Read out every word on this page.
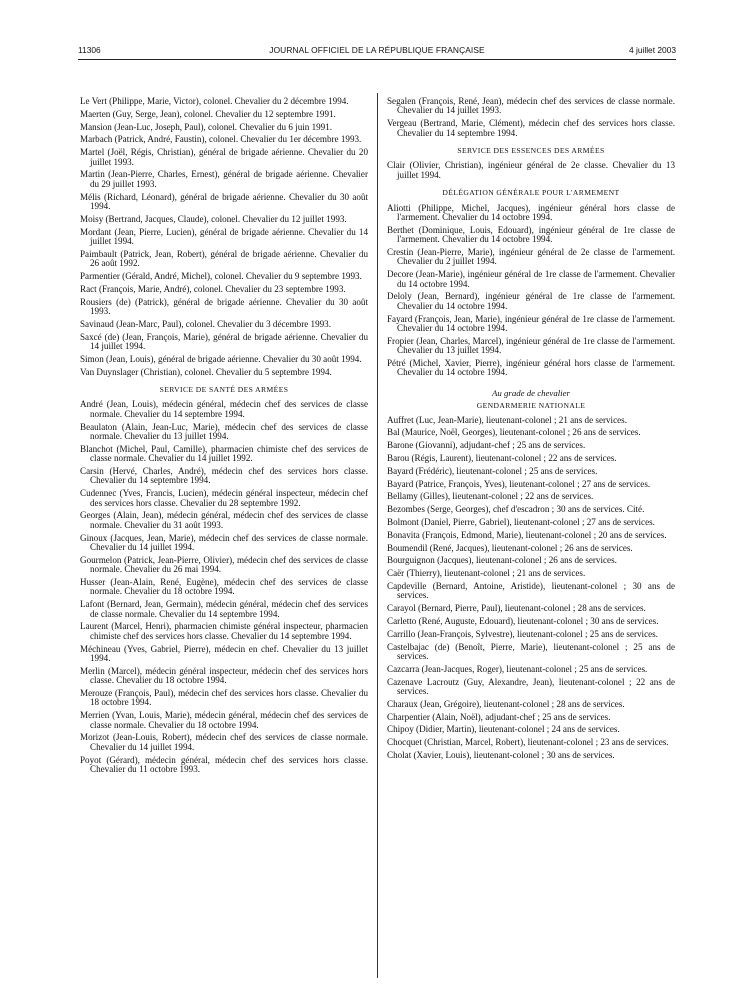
11306	JOURNAL OFFICIEL DE LA RÉPUBLIQUE FRANÇAISE	4 juillet 2003
Le Vert (Philippe, Marie, Victor), colonel. Chevalier du 2 décembre 1994.
Maerten (Guy, Serge, Jean), colonel. Chevalier du 12 septembre 1991.
Mansion (Jean-Luc, Joseph, Paul), colonel. Chevalier du 6 juin 1991.
Marbach (Patrick, André, Faustin), colonel. Chevalier du 1er décembre 1993.
Martel (Joël, Régis, Christian), général de brigade aérienne. Chevalier du 20 juillet 1993.
Martin (Jean-Pierre, Charles, Ernest), général de brigade aérienne. Chevalier du 29 juillet 1993.
Mélis (Richard, Léonard), général de brigade aérienne. Chevalier du 30 août 1994.
Moisy (Bertrand, Jacques, Claude), colonel. Chevalier du 12 juillet 1993.
Mordant (Jean, Pierre, Lucien), général de brigade aérienne. Chevalier du 14 juillet 1994.
Paimbault (Patrick, Jean, Robert), général de brigade aérienne. Chevalier du 26 août 1992.
Parmentier (Gérald, André, Michel), colonel. Chevalier du 9 septembre 1993.
Ract (François, Marie, André), colonel. Chevalier du 23 septembre 1993.
Rousiers (de) (Patrick), général de brigade aérienne. Chevalier du 30 août 1993.
Savinaud (Jean-Marc, Paul), colonel. Chevalier du 3 décembre 1993.
Saxcé (de) (Jean, François, Marie), général de brigade aérienne. Chevalier du 14 juillet 1994.
Simon (Jean, Louis), général de brigade aérienne. Chevalier du 30 août 1994.
Van Duynslager (Christian), colonel. Chevalier du 5 septembre 1994.
SERVICE DE SANTÉ DES ARMÉES
André (Jean, Louis), médecin général, médecin chef des services de classe normale. Chevalier du 14 septembre 1994.
Beaulaton (Alain, Jean-Luc, Marie), médecin chef des services de classe normale. Chevalier du 13 juillet 1994.
Blanchot (Michel, Paul, Camille), pharmacien chimiste chef des services de classe normale. Chevalier du 14 juillet 1992.
Carsin (Hervé, Charles, André), médecin chef des services hors classe. Chevalier du 14 septembre 1994.
Cudennec (Yves, Francis, Lucien), médecin général inspecteur, médecin chef des services hors classe. Chevalier du 28 septembre 1992.
Georges (Alain, Jean), médecin général, médecin chef des services de classe normale. Chevalier du 31 août 1993.
Ginoux (Jacques, Jean, Marie), médecin chef des services de classe normale. Chevalier du 14 juillet 1994.
Gourmelon (Patrick, Jean-Pierre, Olivier), médecin chef des services de classe normale. Chevalier du 26 mai 1994.
Husser (Jean-Alain, René, Eugène), médecin chef des services de classe normale. Chevalier du 18 octobre 1994.
Lafont (Bernard, Jean, Germain), médecin général, médecin chef des services de classe normale. Chevalier du 14 septembre 1994.
Laurent (Marcel, Henri), pharmacien chimiste général inspecteur, pharmacien chimiste chef des services hors classe. Chevalier du 14 septembre 1994.
Méchineau (Yves, Gabriel, Pierre), médecin en chef. Chevalier du 13 juillet 1994.
Merlin (Marcel), médecin général inspecteur, médecin chef des services hors classe. Chevalier du 18 octobre 1994.
Merouze (François, Paul), médecin chef des services hors classe. Chevalier du 18 octobre 1994.
Merrien (Yvan, Louis, Marie), médecin général, médecin chef des services de classe normale. Chevalier du 18 octobre 1994.
Morizot (Jean-Louis, Robert), médecin chef des services de classe normale. Chevalier du 14 juillet 1994.
Poyot (Gérard), médecin général, médecin chef des services hors classe. Chevalier du 11 octobre 1993.
Segalen (François, René, Jean), médecin chef des services de classe normale. Chevalier du 14 juillet 1993.
Vergeau (Bertrand, Marie, Clément), médecin chef des services hors classe. Chevalier du 14 septembre 1994.
SERVICE DES ESSENCES DES ARMÉES
Clair (Olivier, Christian), ingénieur général de 2e classe. Chevalier du 13 juillet 1994.
DÉLÉGATION GÉNÉRALE POUR L'ARMEMENT
Aliotti (Philippe, Michel, Jacques), ingénieur général hors classe de l'armement. Chevalier du 14 octobre 1994.
Berthet (Dominique, Louis, Edouard), ingénieur général de 1re classe de l'armement. Chevalier du 14 octobre 1994.
Crestin (Jean-Pierre, Marie), ingénieur général de 2e classe de l'armement. Chevalier du 2 juillet 1994.
Decore (Jean-Marie), ingénieur général de 1re classe de l'armement. Chevalier du 14 octobre 1994.
Deloly (Jean, Bernard), ingénieur général de 1re classe de l'armement. Chevalier du 14 octobre 1994.
Fayard (François, Jean, Marie), ingénieur général de 1re classe de l'armement. Chevalier du 14 octobre 1994.
Fropier (Jean, Charles, Marcel), ingénieur général de 1re classe de l'armement. Chevalier du 13 juillet 1994.
Pétré (Michel, Xavier, Pierre), ingénieur général hors classe de l'armement. Chevalier du 14 octobre 1994.
Au grade de chevalier
GENDARMERIE NATIONALE
Auffret (Luc, Jean-Marie), lieutenant-colonel ; 21 ans de services.
Bal (Maurice, Noël, Georges), lieutenant-colonel ; 26 ans de services.
Barone (Giovanni), adjudant-chef ; 25 ans de services.
Barou (Régis, Laurent), lieutenant-colonel ; 22 ans de services.
Bayard (Frédéric), lieutenant-colonel ; 25 ans de services.
Bayard (Patrice, François, Yves), lieutenant-colonel ; 27 ans de services.
Bellamy (Gilles), lieutenant-colonel ; 22 ans de services.
Bezombes (Serge, Georges), chef d'escadron ; 30 ans de services. Cité.
Bolmont (Daniel, Pierre, Gabriel), lieutenant-colonel ; 27 ans de services.
Bonavita (François, Edmond, Marie), lieutenant-colonel ; 20 ans de services.
Boumendil (René, Jacques), lieutenant-colonel ; 26 ans de services.
Bourguignon (Jacques), lieutenant-colonel ; 26 ans de services.
Caër (Thierry), lieutenant-colonel ; 21 ans de services.
Capdeville (Bernard, Antoine, Aristide), lieutenant-colonel ; 30 ans de services.
Carayol (Bernard, Pierre, Paul), lieutenant-colonel ; 28 ans de services.
Carletto (René, Auguste, Edouard), lieutenant-colonel ; 30 ans de services.
Carrillo (Jean-François, Sylvestre), lieutenant-colonel ; 25 ans de services.
Castelbajac (de) (Benoît, Pierre, Marie), lieutenant-colonel ; 25 ans de services.
Cazcarra (Jean-Jacques, Roger), lieutenant-colonel ; 25 ans de services.
Cazenave Lacroutz (Guy, Alexandre, Jean), lieutenant-colonel ; 22 ans de services.
Charaux (Jean, Grégoire), lieutenant-colonel ; 28 ans de services.
Charpentier (Alain, Noël), adjudant-chef ; 25 ans de services.
Chipoy (Didier, Martin), lieutenant-colonel ; 24 ans de services.
Chocquet (Christian, Marcel, Robert), lieutenant-colonel ; 23 ans de services.
Cholat (Xavier, Louis), lieutenant-colonel ; 30 ans de services.
